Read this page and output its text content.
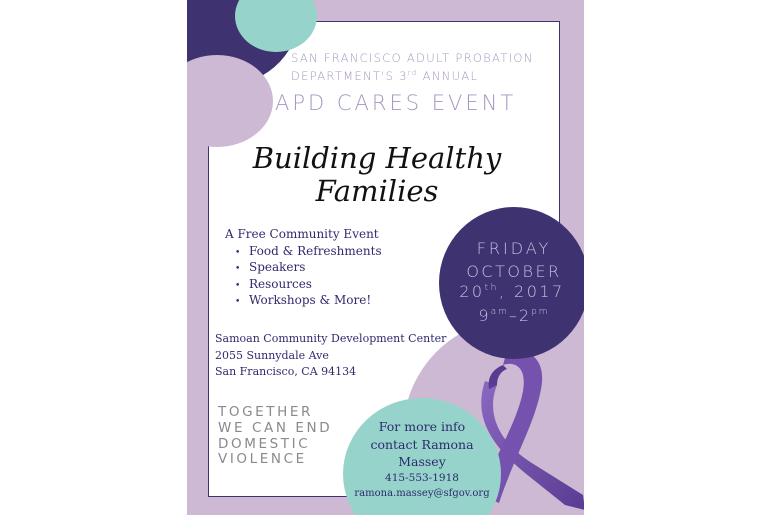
SAN FRANCISCO ADULT PROBATION
DEPARTMENT'S 3rd ANNUAL
APD CARES EVENT
Building Healthy
Families
A Free Community Event
• Food & Refreshments
• Speakers
• Resources
• Workshops & More!
Samoan Community Development Center
2055 Sunnydale Ave
San Francisco, CA 94134
TOGETHER
WE CAN END
DOMESTIC
VIOLENCE
FRIDAY
OCTOBER
20th, 2017
$9^{am}-2^{pm}$
For more info
contact Ramona
Massey
415-553-1918
ramona.massey@sfgov.org
